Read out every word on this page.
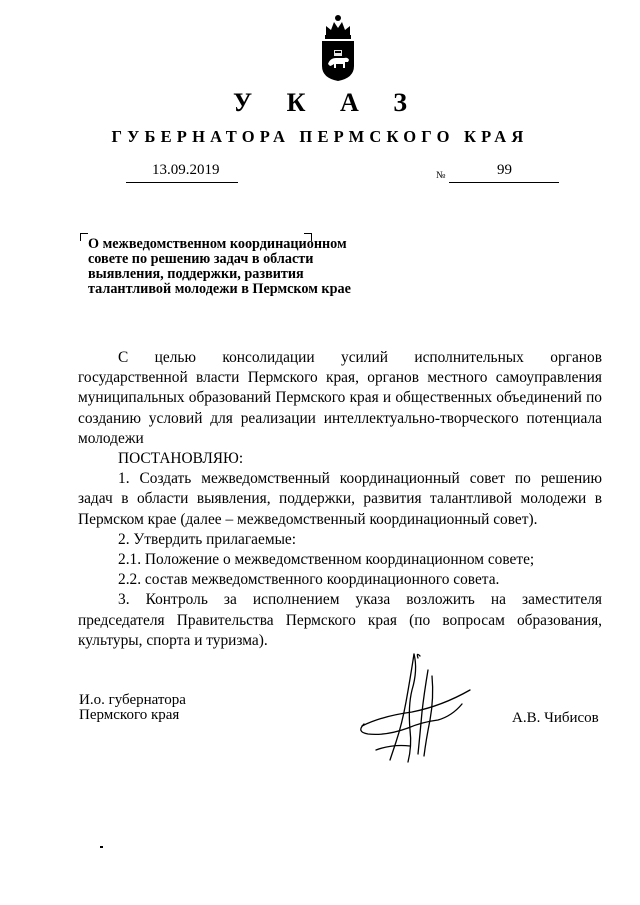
У К А З
ГУБЕРНАТОРА ПЕРМСКОГО КРАЯ
13.09.2019	№	99
О межведомственном координационном совете по решению задач в области выявления, поддержки, развития талантливой молодежи в Пермском крае

С целью консолидации усилий исполнительных органов государственной власти Пермского края, органов местного самоуправления муниципальных образований Пермского края и общественных объединений по созданию условий для реализации интеллектуально-творческого потенциала молодежи

ПОСТАНОВЛЯЮ:

1. Создать межведомственный координационный совет по решению задач в области выявления, поддержки, развития талантливой молодежи в Пермском крае (далее – межведомственный координационный совет).

2. Утвердить прилагаемые:

2.1. Положение о межведомственном координационном совете;

2.2. состав межведомственного координационного совета.

3. Контроль за исполнением указа возложить на заместителя председателя Правительства Пермского края (по вопросам образования, культуры, спорта и туризма).

И.о. губернатора
Пермского края	А.В. Чибисов
